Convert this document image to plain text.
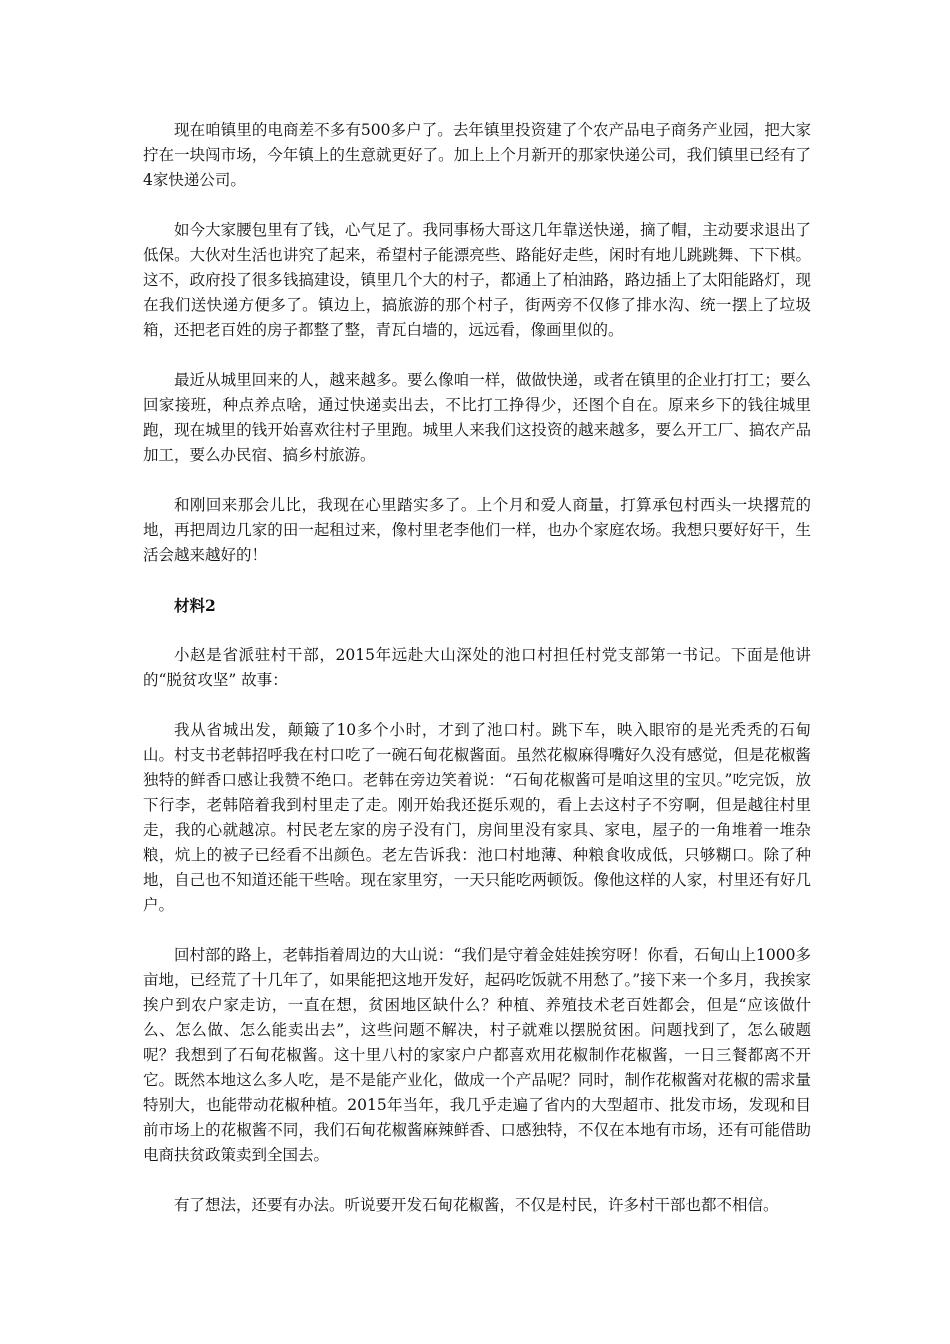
现在咱镇里的电商差不多有500多户了。去年镇里投资建了个农产品电子商务产业园，把大家拧在一块闯市场，今年镇上的生意就更好了。加上上个月新开的那家快递公司，我们镇里已经有了4家快递公司。

如今大家腰包里有了钱，心气足了。我同事杨大哥这几年靠送快递，摘了帽，主动要求退出了低保。大伙对生活也讲究了起来，希望村子能漂亮些、路能好走些，闲时有地儿跳跳舞、下下棋。这不，政府投了很多钱搞建设，镇里几个大的村子，都通上了柏油路，路边插上了太阳能路灯，现在我们送快递方便多了。镇边上，搞旅游的那个村子，街两旁不仅修了排水沟、统一摆上了垃圾箱，还把老百姓的房子都整了整，青瓦白墙的，远远看，像画里似的。

最近从城里回来的人，越来越多。要么像咱一样，做做快递，或者在镇里的企业打打工；要么回家接班，种点养点啥，通过快递卖出去，不比打工挣得少，还图个自在。原来乡下的钱往城里跑，现在城里的钱开始喜欢往村子里跑。城里人来我们这投资的越来越多，要么开工厂、搞农产品加工，要么办民宿、搞乡村旅游。

和刚回来那会儿比，我现在心里踏实多了。上个月和爱人商量，打算承包村西头一块撂荒的地，再把周边几家的田一起租过来，像村里老李他们一样，也办个家庭农场。我想只要好好干，生活会越来越好的！

材料2

小赵是省派驻村干部，2015年远赴大山深处的池口村担任村党支部第一书记。下面是他讲的“脱贫攻坚” 故事：

我从省城出发，颠簸了10多个小时，才到了池口村。跳下车，映入眼帘的是光秃秃的石甸山。村支书老韩招呼我在村口吃了一碗石甸花椒酱面。虽然花椒麻得嘴好久没有感觉，但是花椒酱独特的鲜香口感让我赞不绝口。老韩在旁边笑着说：“石甸花椒酱可是咱这里的宝贝。”吃完饭，放下行李，老韩陪着我到村里走了走。刚开始我还挺乐观的，看上去这村子不穷啊，但是越往村里走，我的心就越凉。村民老左家的房子没有门，房间里没有家具、家电，屋子的一角堆着一堆杂粮，炕上的被子已经看不出颜色。老左告诉我：池口村地薄、种粮食收成低，只够糊口。除了种地，自己也不知道还能干些啥。现在家里穷，一天只能吃两顿饭。像他这样的人家，村里还有好几户。

回村部的路上，老韩指着周边的大山说：“我们是守着金娃娃挨穷呀！你看，石甸山上1000多亩地，已经荒了十几年了，如果能把这地开发好，起码吃饭就不用愁了。”接下来一个多月，我挨家挨户到农户家走访，一直在想，贫困地区缺什么？种植、养殖技术老百姓都会，但是“应该做什么、怎么做、怎么能卖出去”，这些问题不解决，村子就难以摆脱贫困。问题找到了，怎么破题呢？我想到了石甸花椒酱。这十里八村的家家户户都喜欢用花椒制作花椒酱，一日三餐都离不开它。既然本地这么多人吃，是不是能产业化，做成一个产品呢？同时，制作花椒酱对花椒的需求量特别大，也能带动花椒种植。2015年当年，我几乎走遍了省内的大型超市、批发市场，发现和目前市场上的花椒酱不同，我们石甸花椒酱麻辣鲜香、口感独特，不仅在本地有市场，还有可能借助电商扶贫政策卖到全国去。

有了想法，还要有办法。听说要开发石甸花椒酱，不仅是村民，许多村干部也都不相信。
